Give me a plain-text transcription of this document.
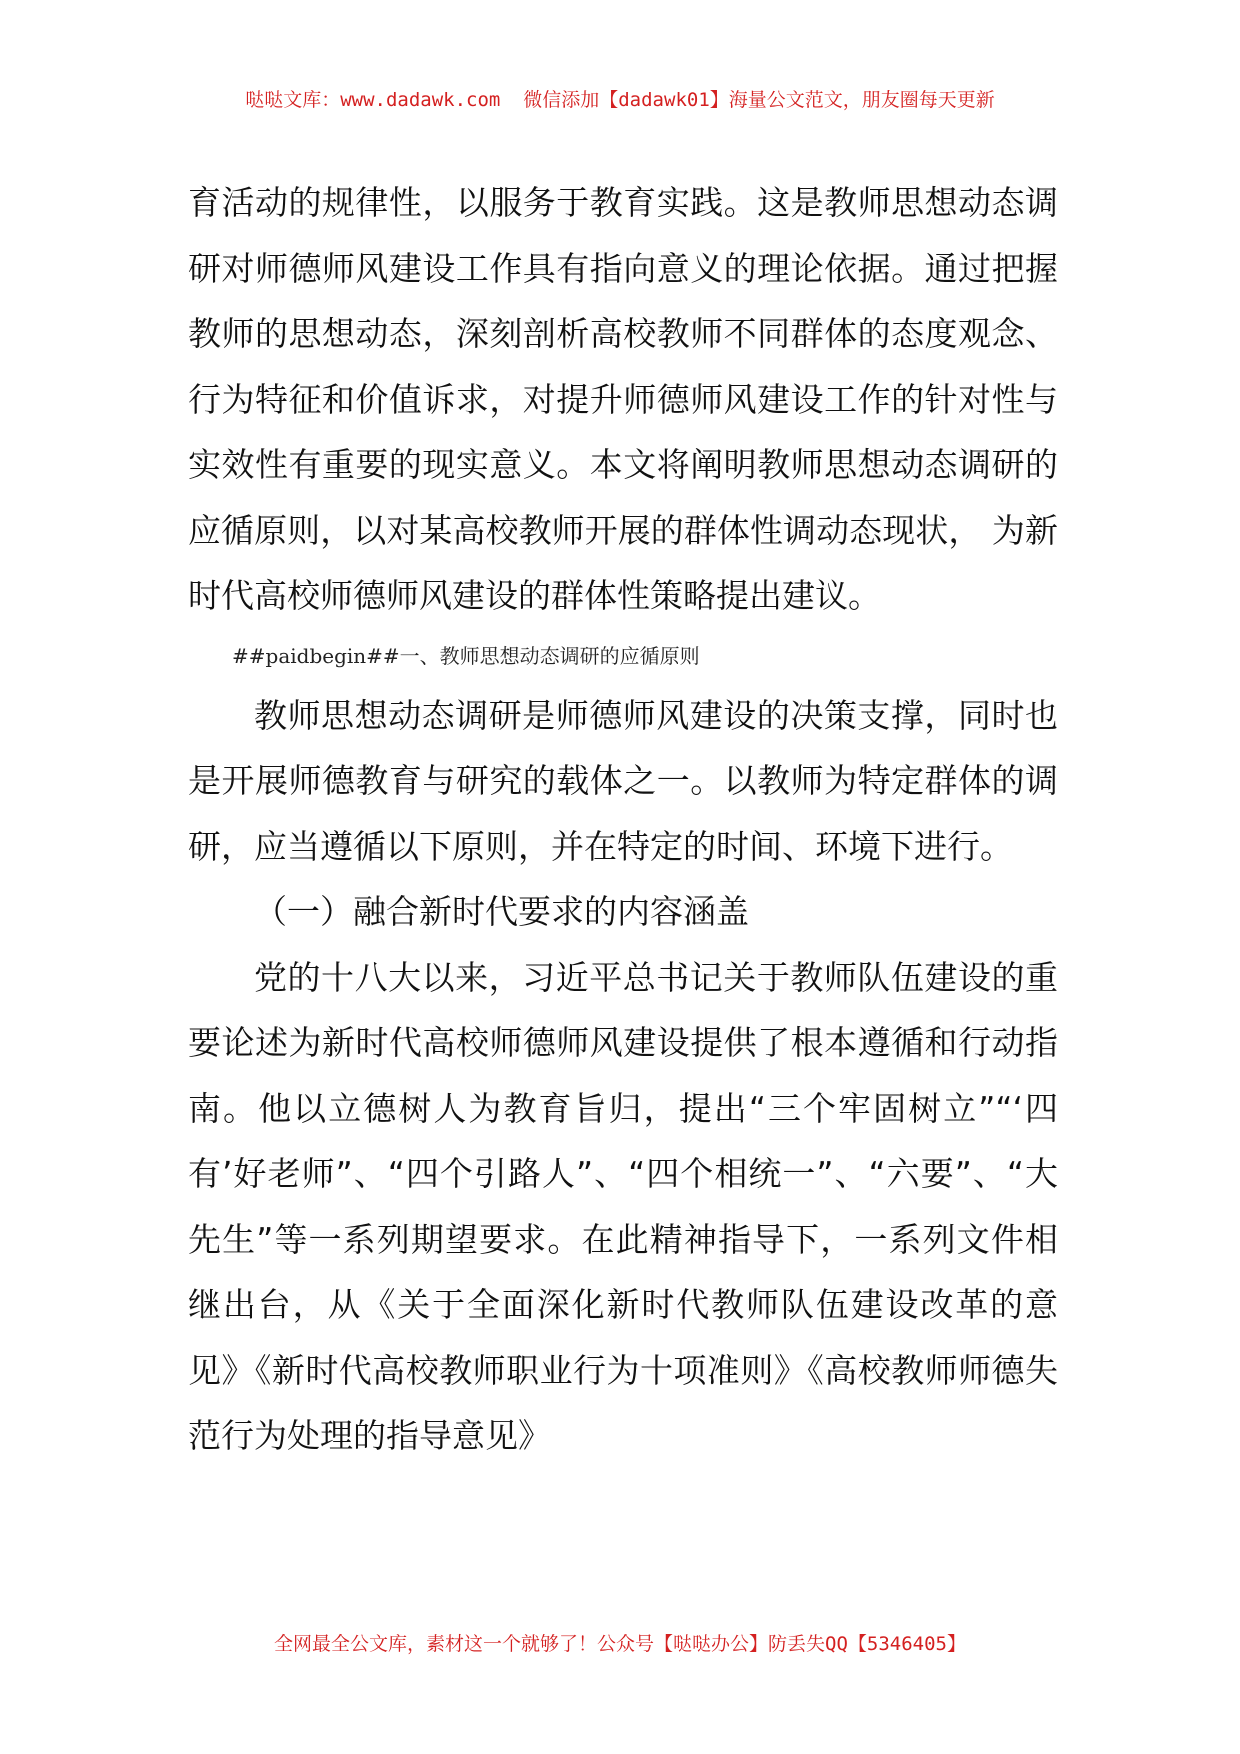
哒哒文库：www.dadawk.com  微信添加【dadawk01】海量公文范文，朋友圈每天更新

育活动的规律性，以服务于教育实践。这是教师思想动态调研对师德师风建设工作具有指向意义的理论依据。通过把握教师的思想动态，深刻剖析高校教师不同群体的态度观念、行为特征和价值诉求，对提升师德师风建设工作的针对性与实效性有重要的现实意义。本文将阐明教师思想动态调研的应循原则，以对某高校教师开展的群体性调动态现状， 为新时代高校师德师风建设的群体性策略提出建议。

##paidbegin##一、教师思想动态调研的应循原则

教师思想动态调研是师德师风建设的决策支撑，同时也是开展师德教育与研究的载体之一。以教师为特定群体的调研，应当遵循以下原则，并在特定的时间、环境下进行。

（一）融合新时代要求的内容涵盖

党的十八大以来，习近平总书记关于教师队伍建设的重要论述为新时代高校师德师风建设提供了根本遵循和行动指南。他以立德树人为教育旨归，提出“三个牢固树立”“‘四有’好老师”、“四个引路人”、“四个相统一”、“六要”、“大先生”等一系列期望要求。在此精神指导下，一系列文件相继出台，从《关于全面深化新时代教师队伍建设改革的意见》《新时代高校教师职业行为十项准则》《高校教师师德失范行为处理的指导意见》

全网最全公文库，素材这一个就够了！公众号【哒哒办公】防丢失QQ【5346405】
